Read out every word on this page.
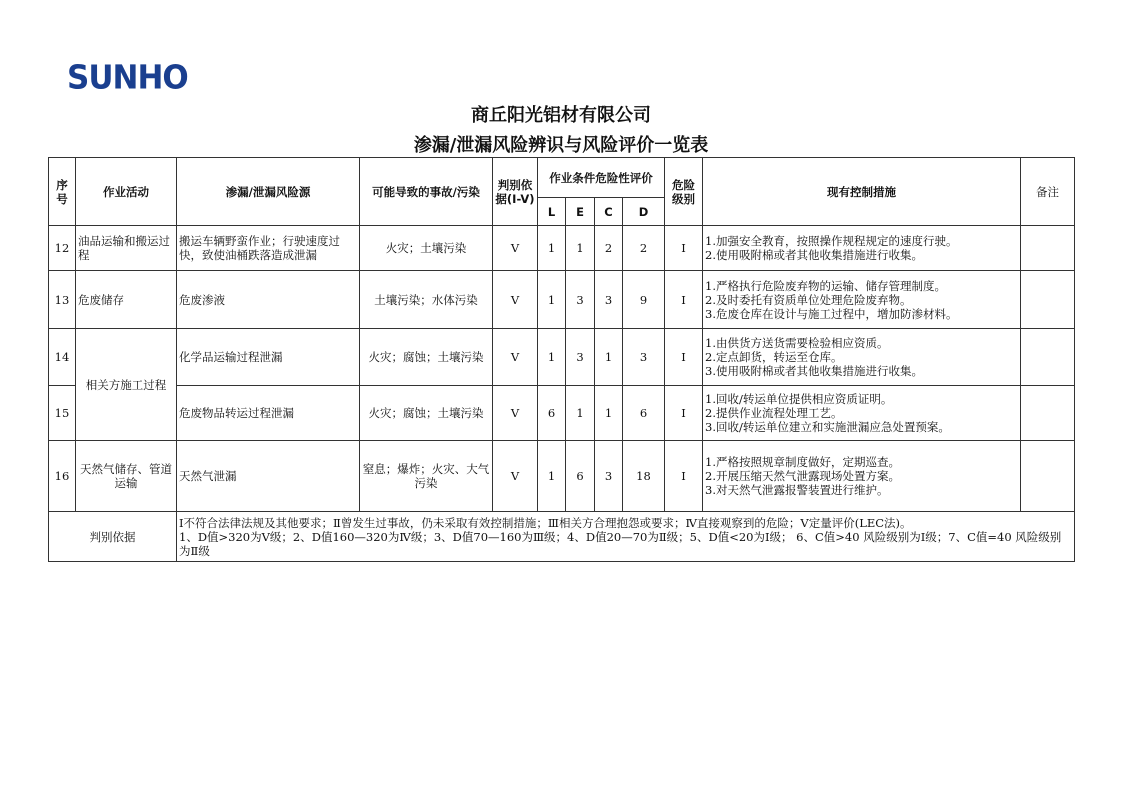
SUNHO
商丘阳光铝材有限公司
渗漏/泄漏风险辨识与风险评价一览表
序号	作业活动	渗漏/泄漏风险源	可能导致的事故/污染	判别依据(I-V)	作业条件危险性评价				危险级别	现有控制措施	备注
					L	E	C	D			
12	油品运输和搬运过程	搬运车辆野蛮作业；行驶速度过快，致使油桶跌落造成泄漏	火灾；土壤污染	V	1	1	2	2	Ⅰ	1.加强安全教育，按照操作规程规定的速度行驶。
2.使用吸附棉或者其他收集措施进行收集。	

13	危废储存	危废渗液	土壤污染；水体污染	V	1	3	3	9	Ⅰ	1.严格执行危险废弃物的运输、储存管理制度。
2.及时委托有资质单位处理危险废弃物。
3.危废仓库在设计与施工过程中，增加防渗材料。	

14	相关方施工过程	化学品运输过程泄漏	火灾；腐蚀；土壤污染	V	1	3	1	3	Ⅰ	1.由供货方送货需要检验相应资质。
2.定点卸货，转运至仓库。
3.使用吸附棉或者其他收集措施进行收集。	

15		危废物品转运过程泄漏	火灾；腐蚀；土壤污染	V	6	1	1	6	Ⅰ	1.回收/转运单位提供相应资质证明。
2.提供作业流程处理工艺。
3.回收/转运单位建立和实施泄漏应急处置预案。	

16	天然气储存、管道运输	天然气泄漏	窒息；爆炸；火灾、大气污染	V	1	6	3	18	Ⅰ	1.严格按照规章制度做好，定期巡查。
2.开展压缩天然气泄露现场处置方案。
3.对天然气泄露报警装置进行维护。	

判别依据		Ⅰ不符合法律法规及其他要求；Ⅱ曾发生过事故，仍未采取有效控制措施；Ⅲ相关方合理抱怨或要求；Ⅳ直接观察到的危险；Ⅴ定量评价(LEC法)。
1、D值>320为Ⅴ级；2、D值160—320为Ⅳ级；3、D值70—160为Ⅲ级；4、D值20—70为Ⅱ级；5、D值<20为Ⅰ级； 6、C值>40 风险级别为Ⅰ级；7、C值=40 风险级别为Ⅱ级									
